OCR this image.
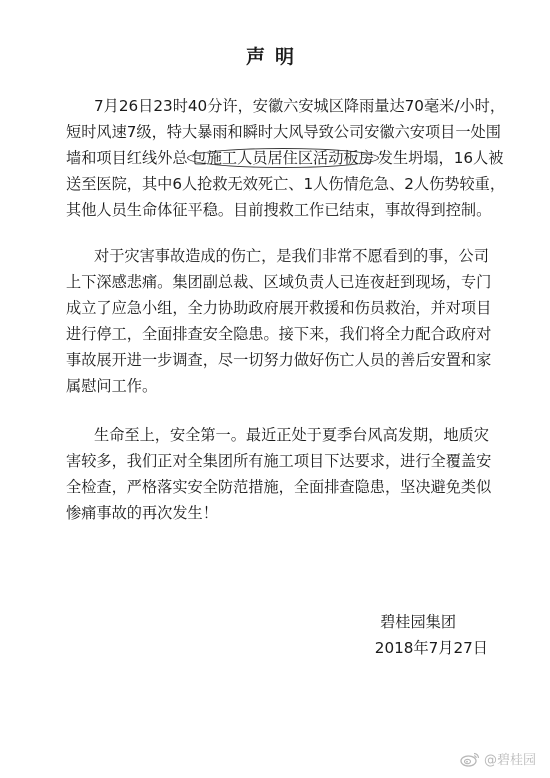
声明
7月26日23时40分许，安徽六安城区降雨量达70毫米/小时，
短时风速7级，特大暴雨和瞬时大风导致公司安徽六安项目一处围
墙和项目红线外总 包施工人员居住区活动板房 发生坍塌，16人被
送至医院，其中6人抢救无效死亡、1人伤情危急、2人伤势较重，
其他人员生命体征平稳。目前搜救工作已结束，事故得到控制。
对于灾害事故造成的伤亡，是我们非常不愿看到的事，公司
上下深感悲痛。集团副总裁、区域负责人已连夜赶到现场，专门
成立了应急小组，全力协助政府展开救援和伤员救治，并对项目
进行停工，全面排查安全隐患。接下来，我们将全力配合政府对
事故展开进一步调查，尽一切努力做好伤亡人员的善后安置和家
属慰问工作。
生命至上，安全第一。最近正处于夏季台风高发期，地质灾
害较多，我们正对全集团所有施工项目下达要求，进行全覆盖安
全检查，严格落实安全防范措施，全面排查隐患，坚决避免类似
惨痛事故的再次发生！
碧桂园集团
2018年7月27日
@碧桂园
